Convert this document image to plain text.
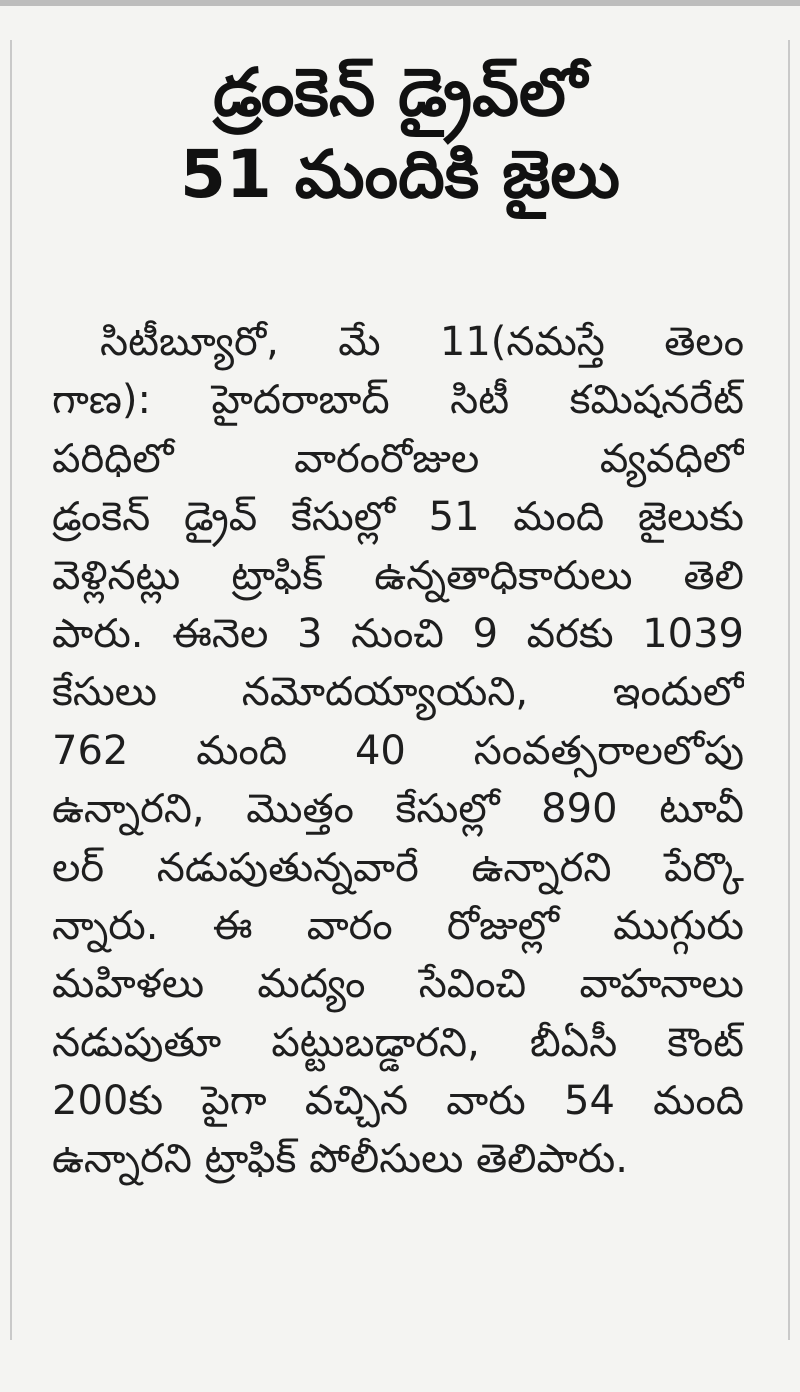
డ్రంకెన్ డ్రైవ్‌లో
51 మందికి జైలు
సిటీబ్యూరో, మే 11(నమస్తే తెలం
గాణ): హైదరాబాద్ సిటీ కమిషనరేట్
పరిధిలో వారంరోజుల వ్యవధిలో
డ్రంకెన్ డ్రైవ్ కేసుల్లో 51 మంది జైలుకు
వెళ్లినట్లు ట్రాఫిక్ ఉన్నతాధికారులు తెలి
పారు. ఈనెల 3 నుంచి 9 వరకు 1039
కేసులు నమోదయ్యాయని, ఇందులో
762 మంది 40 సంవత్సరాలలోపు
ఉన్నారని, మొత్తం కేసుల్లో 890 టూవీ
లర్ నడుపుతున్నవారే ఉన్నారని పేర్కొ
న్నారు. ఈ వారం రోజుల్లో ముగ్గురు
మహిళలు మద్యం సేవించి వాహనాలు
నడుపుతూ పట్టుబడ్డారని, బీఏసీ కౌంట్
200కు పైగా వచ్చిన వారు 54 మంది
ఉన్నారని ట్రాఫిక్ పోలీసులు తెలిపారు.
